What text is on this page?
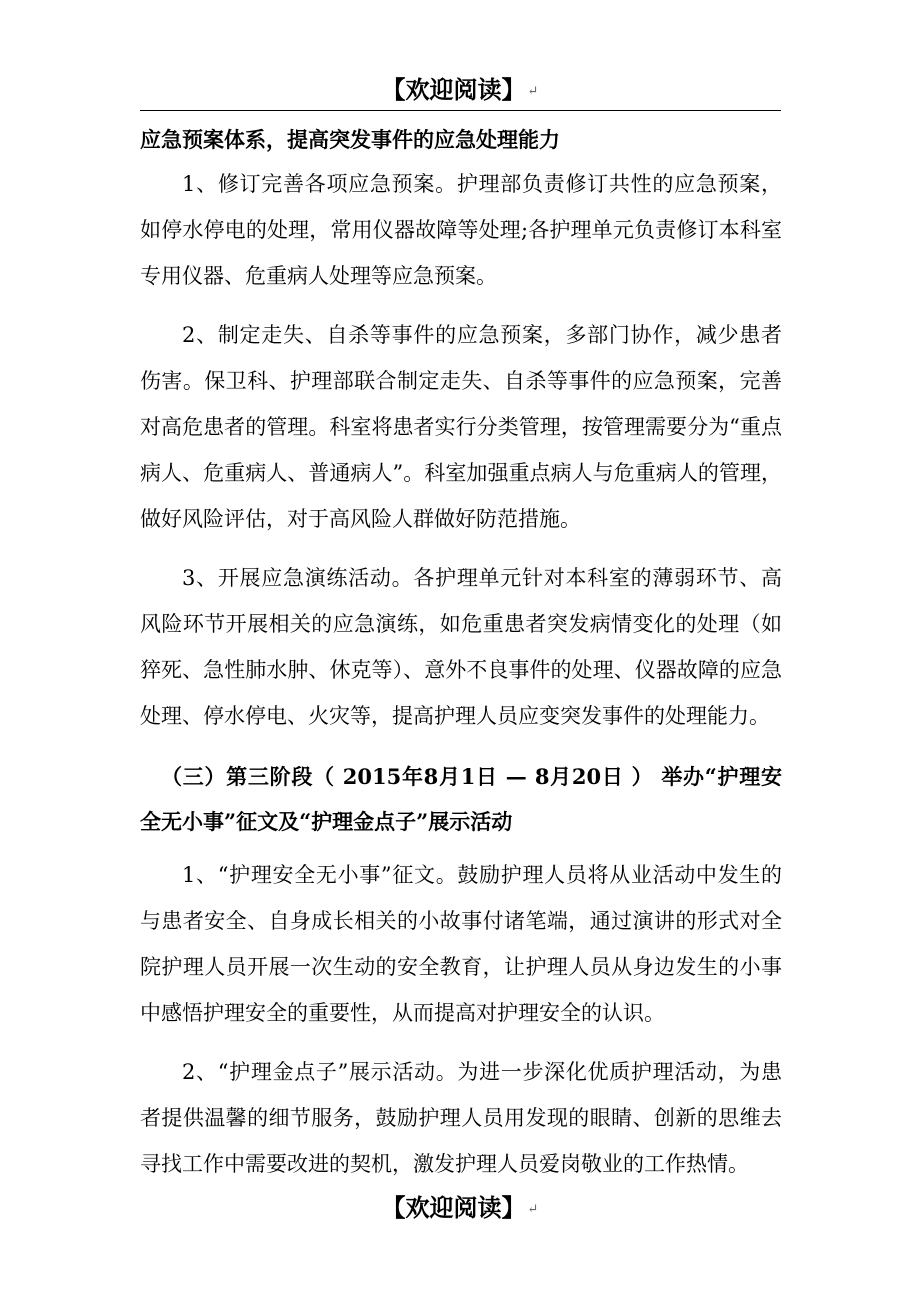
【欢迎阅读】 ↵

应急预案体系，提高突发事件的应急处理能力

1、修订完善各项应急预案。护理部负责修订共性的应急预案，如停水停电的处理，常用仪器故障等处理;各护理单元负责修订本科室专用仪器、危重病人处理等应急预案。

2、制定走失、自杀等事件的应急预案，多部门协作，减少患者伤害。保卫科、护理部联合制定走失、自杀等事件的应急预案，完善对高危患者的管理。科室将患者实行分类管理，按管理需要分为“重点病人、危重病人、普通病人”。科室加强重点病人与危重病人的管理，做好风险评估，对于高风险人群做好防范措施。

3、开展应急演练活动。各护理单元针对本科室的薄弱环节、高风险环节开展相关的应急演练，如危重患者突发病情变化的处理（如猝死、急性肺水肿、休克等）、意外不良事件的处理、仪器故障的应急处理、停水停电、火灾等，提高护理人员应变突发事件的处理能力。

（三）第三阶段（ 2015年8月1日 — 8月20日 ） 举办“护理安全无小事”征文及“护理金点子”展示活动

1、“护理安全无小事”征文。鼓励护理人员将从业活动中发生的与患者安全、自身成长相关的小故事付诸笔端，通过演讲的形式对全院护理人员开展一次生动的安全教育，让护理人员从身边发生的小事中感悟护理安全的重要性，从而提高对护理安全的认识。

2、“护理金点子”展示活动。为进一步深化优质护理活动，为患者提供温馨的细节服务，鼓励护理人员用发现的眼睛、创新的思维去寻找工作中需要改进的契机，激发护理人员爱岗敬业的工作热情。

【欢迎阅读】 ↵
